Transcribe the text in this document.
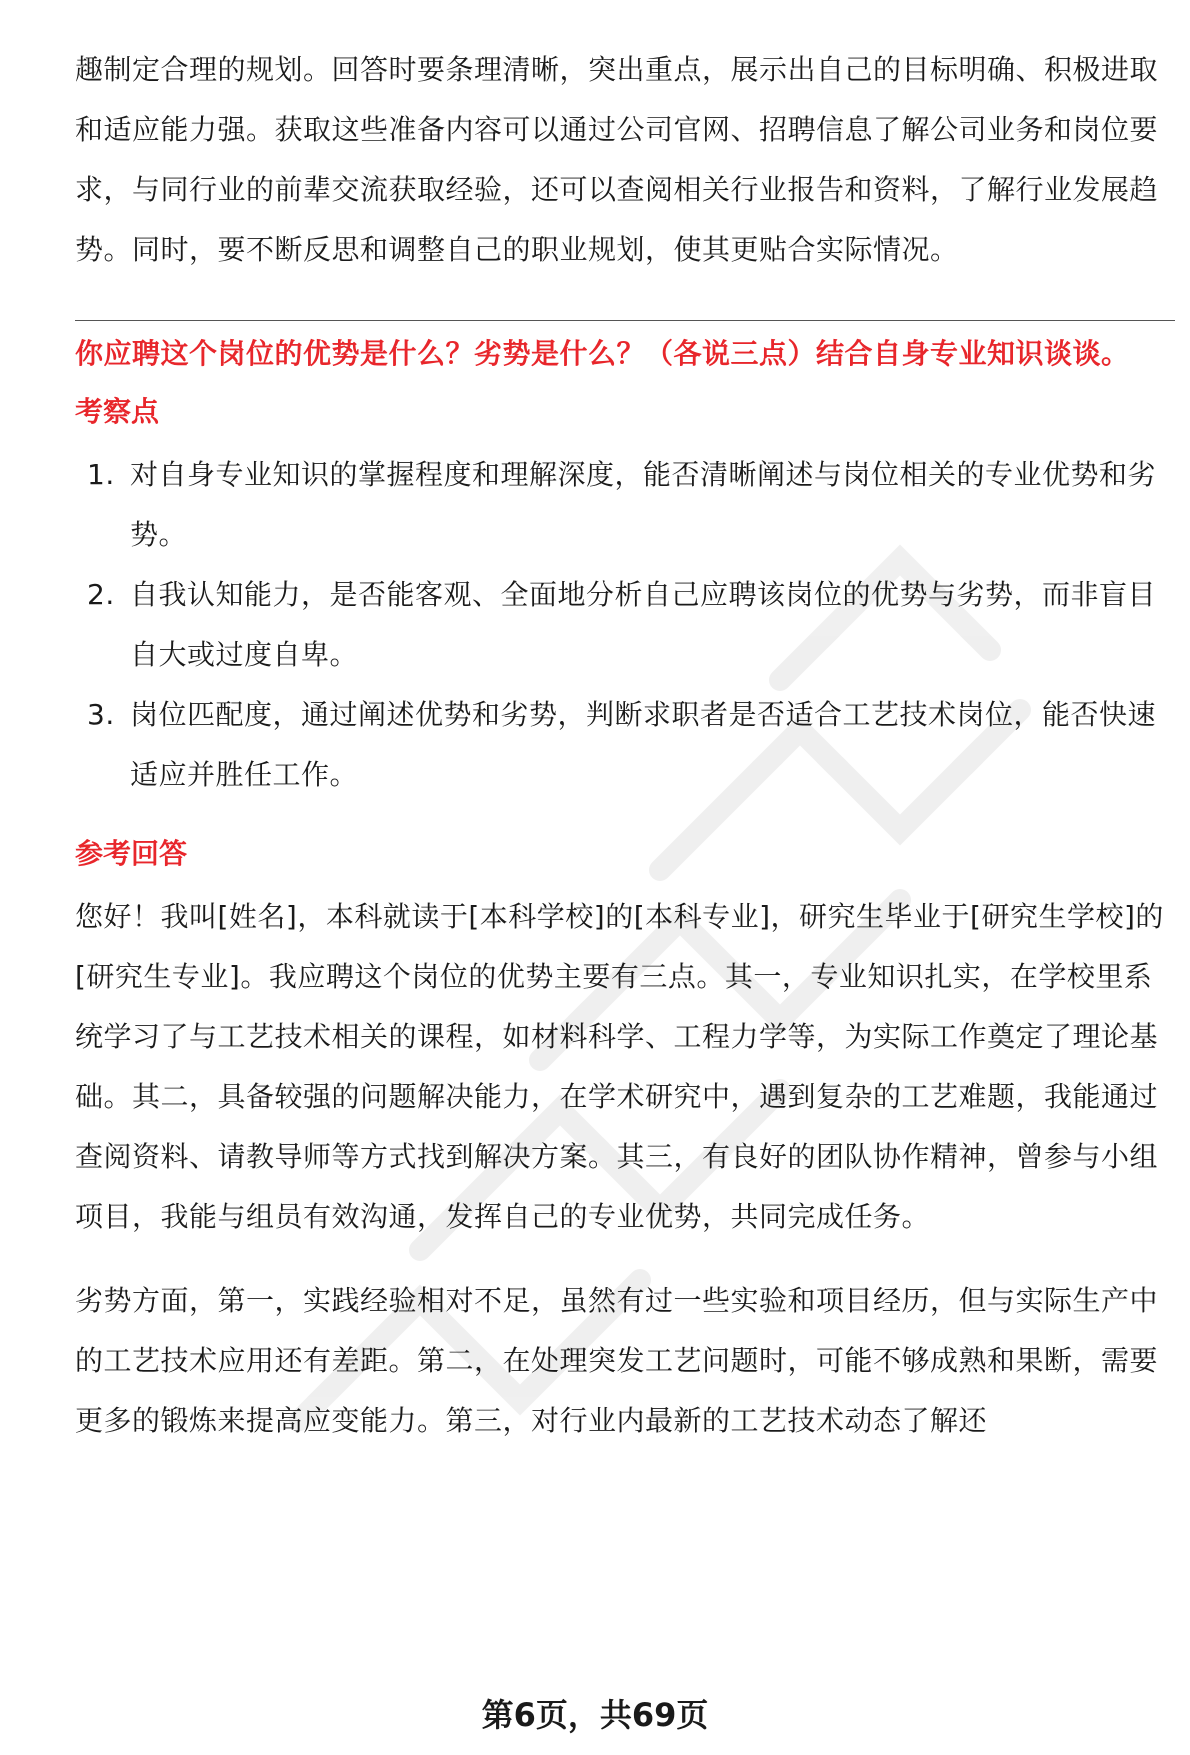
趣制定合理的规划。回答时要条理清晰，突出重点，展示出自己的目标明确、积极进取和适应能力强。获取这些准备内容可以通过公司官网、招聘信息了解公司业务和岗位要求，与同行业的前辈交流获取经验，还可以查阅相关行业报告和资料，了解行业发展趋势。同时，要不断反思和调整自己的职业规划，使其更贴合实际情况。

你应聘这个岗位的优势是什么？劣势是什么？（各说三点）结合自身专业知识谈谈。

考察点
1. 对自身专业知识的掌握程度和理解深度，能否清晰阐述与岗位相关的专业优势和劣势。
2. 自我认知能力，是否能客观、全面地分析自己应聘该岗位的优势与劣势，而非盲目自大或过度自卑。
3. 岗位匹配度，通过阐述优势和劣势，判断求职者是否适合工艺技术岗位，能否快速适应并胜任工作。
参考回答

您好！我叫[姓名]，本科就读于[本科学校]的[本科专业]，研究生毕业于[研究生学校]的[研究生专业]。我应聘这个岗位的优势主要有三点。其一，专业知识扎实，在学校里系统学习了与工艺技术相关的课程，如材料科学、工程力学等，为实际工作奠定了理论基础。其二，具备较强的问题解决能力，在学术研究中，遇到复杂的工艺难题，我能通过查阅资料、请教导师等方式找到解决方案。其三，有良好的团队协作精神，曾参与小组项目，我能与组员有效沟通，发挥自己的专业优势，共同完成任务。

劣势方面，第一，实践经验相对不足，虽然有过一些实验和项目经历，但与实际生产中的工艺技术应用还有差距。第二，在处理突发工艺问题时，可能不够成熟和果断，需要更多的锻炼来提高应变能力。第三，对行业内最新的工艺技术动态了解还

第6页，共69页
